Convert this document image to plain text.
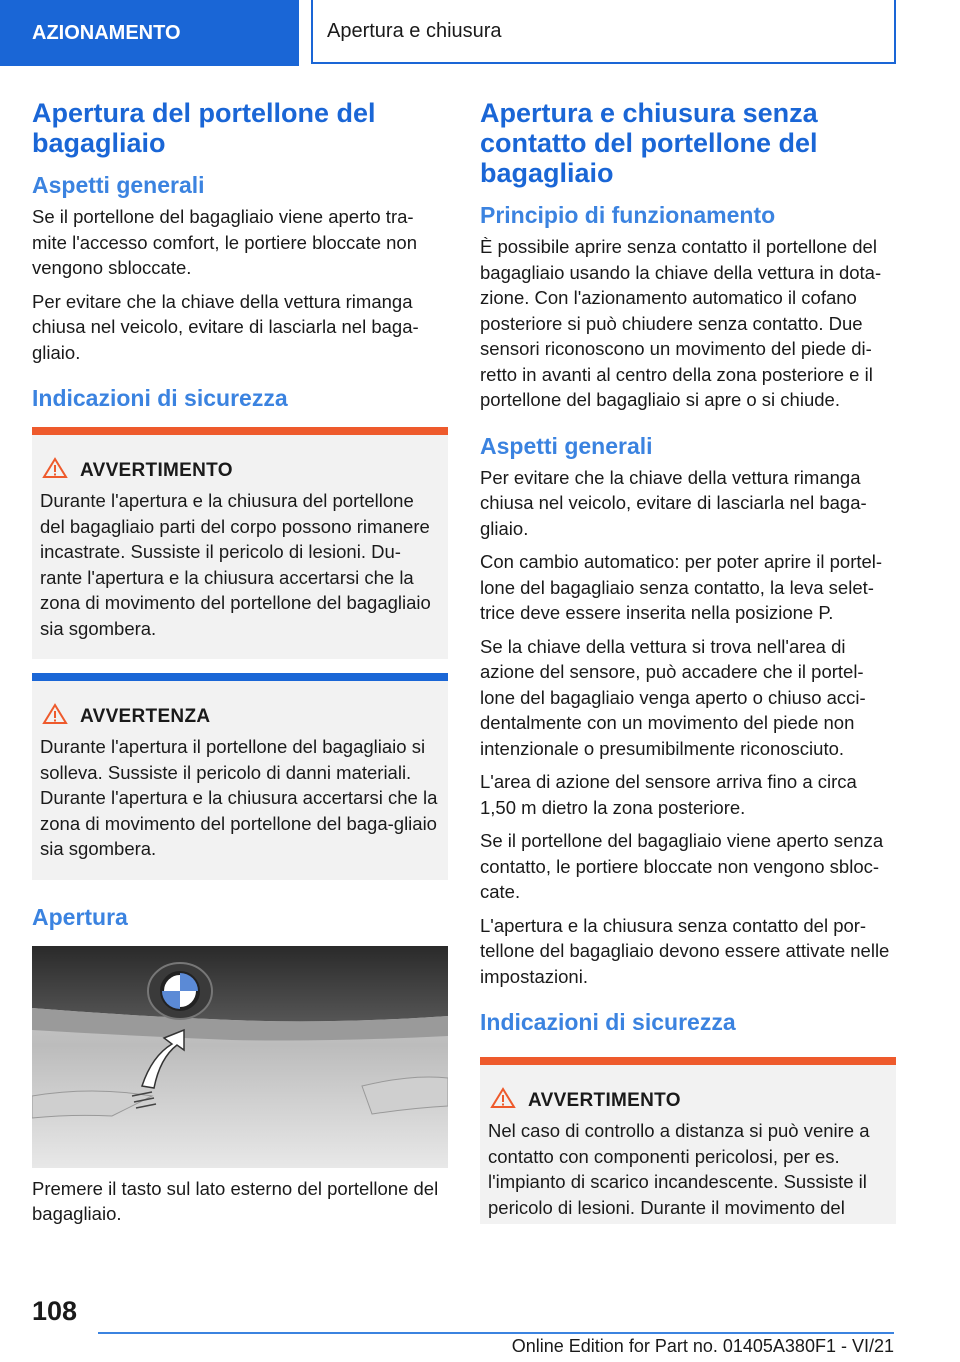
AZIONAMENTO	Apertura e chiusura
Apertura del portellone del bagagliaio
Aspetti generali

Se il portellone del bagagliaio viene aperto tra-mite l'accesso comfort, le portiere bloccate non vengono sbloccate.

Per evitare che la chiave della vettura rimanga chiusa nel veicolo, evitare di lasciarla nel baga-gliaio.

Indicazioni di sicurezza
AVVERTIMENTO

Durante l'apertura e la chiusura del portellone del bagagliaio parti del corpo possono rimanere incastrate. Sussiste il pericolo di lesioni. Du-rante l'apertura e la chiusura accertarsi che la zona di movimento del portellone del bagagliaio sia sgombera.

AVVERTENZA

Durante l'apertura il portellone del bagagliaio si solleva. Sussiste il pericolo di danni materiali. Durante l'apertura e la chiusura accertarsi che la zona di movimento del portellone del baga-gliaio sia sgombera.

Apertura

Premere il tasto sul lato esterno del portellone del bagagliaio.

Apertura e chiusura senza contatto del portellone del bagagliaio
Principio di funzionamento

È possibile aprire senza contatto il portellone del bagagliaio usando la chiave della vettura in dota-zione. Con l'azionamento automatico il cofano posteriore si può chiudere senza contatto. Due sensori riconoscono un movimento del piede di-retto in avanti al centro della zona posteriore e il portellone del bagagliaio si apre o si chiude.

Aspetti generali

Per evitare che la chiave della vettura rimanga chiusa nel veicolo, evitare di lasciarla nel baga-gliaio.

Con cambio automatico: per poter aprire il portel-lone del bagagliaio senza contatto, la leva selet-trice deve essere inserita nella posizione P.

Se la chiave della vettura si trova nell'area di azione del sensore, può accadere che il portel-lone del bagagliaio venga aperto o chiuso acci-dentalmente con un movimento del piede non intenzionale o presumibilmente riconosciuto.

L'area di azione del sensore arriva fino a circa 1,50 m dietro la zona posteriore.

Se il portellone del bagagliaio viene aperto senza contatto, le portiere bloccate non vengono sbloc-cate.

L'apertura e la chiusura senza contatto del por-tellone del bagagliaio devono essere attivate nelle impostazioni.

Indicazioni di sicurezza
AVVERTIMENTO

Nel caso di controllo a distanza si può venire a contatto con componenti pericolosi, per es. l'impianto di scarico incandescente. Sussiste il pericolo di lesioni. Durante il movimento del

108
Online Edition for Part no. 01405A380F1 - VI/21
